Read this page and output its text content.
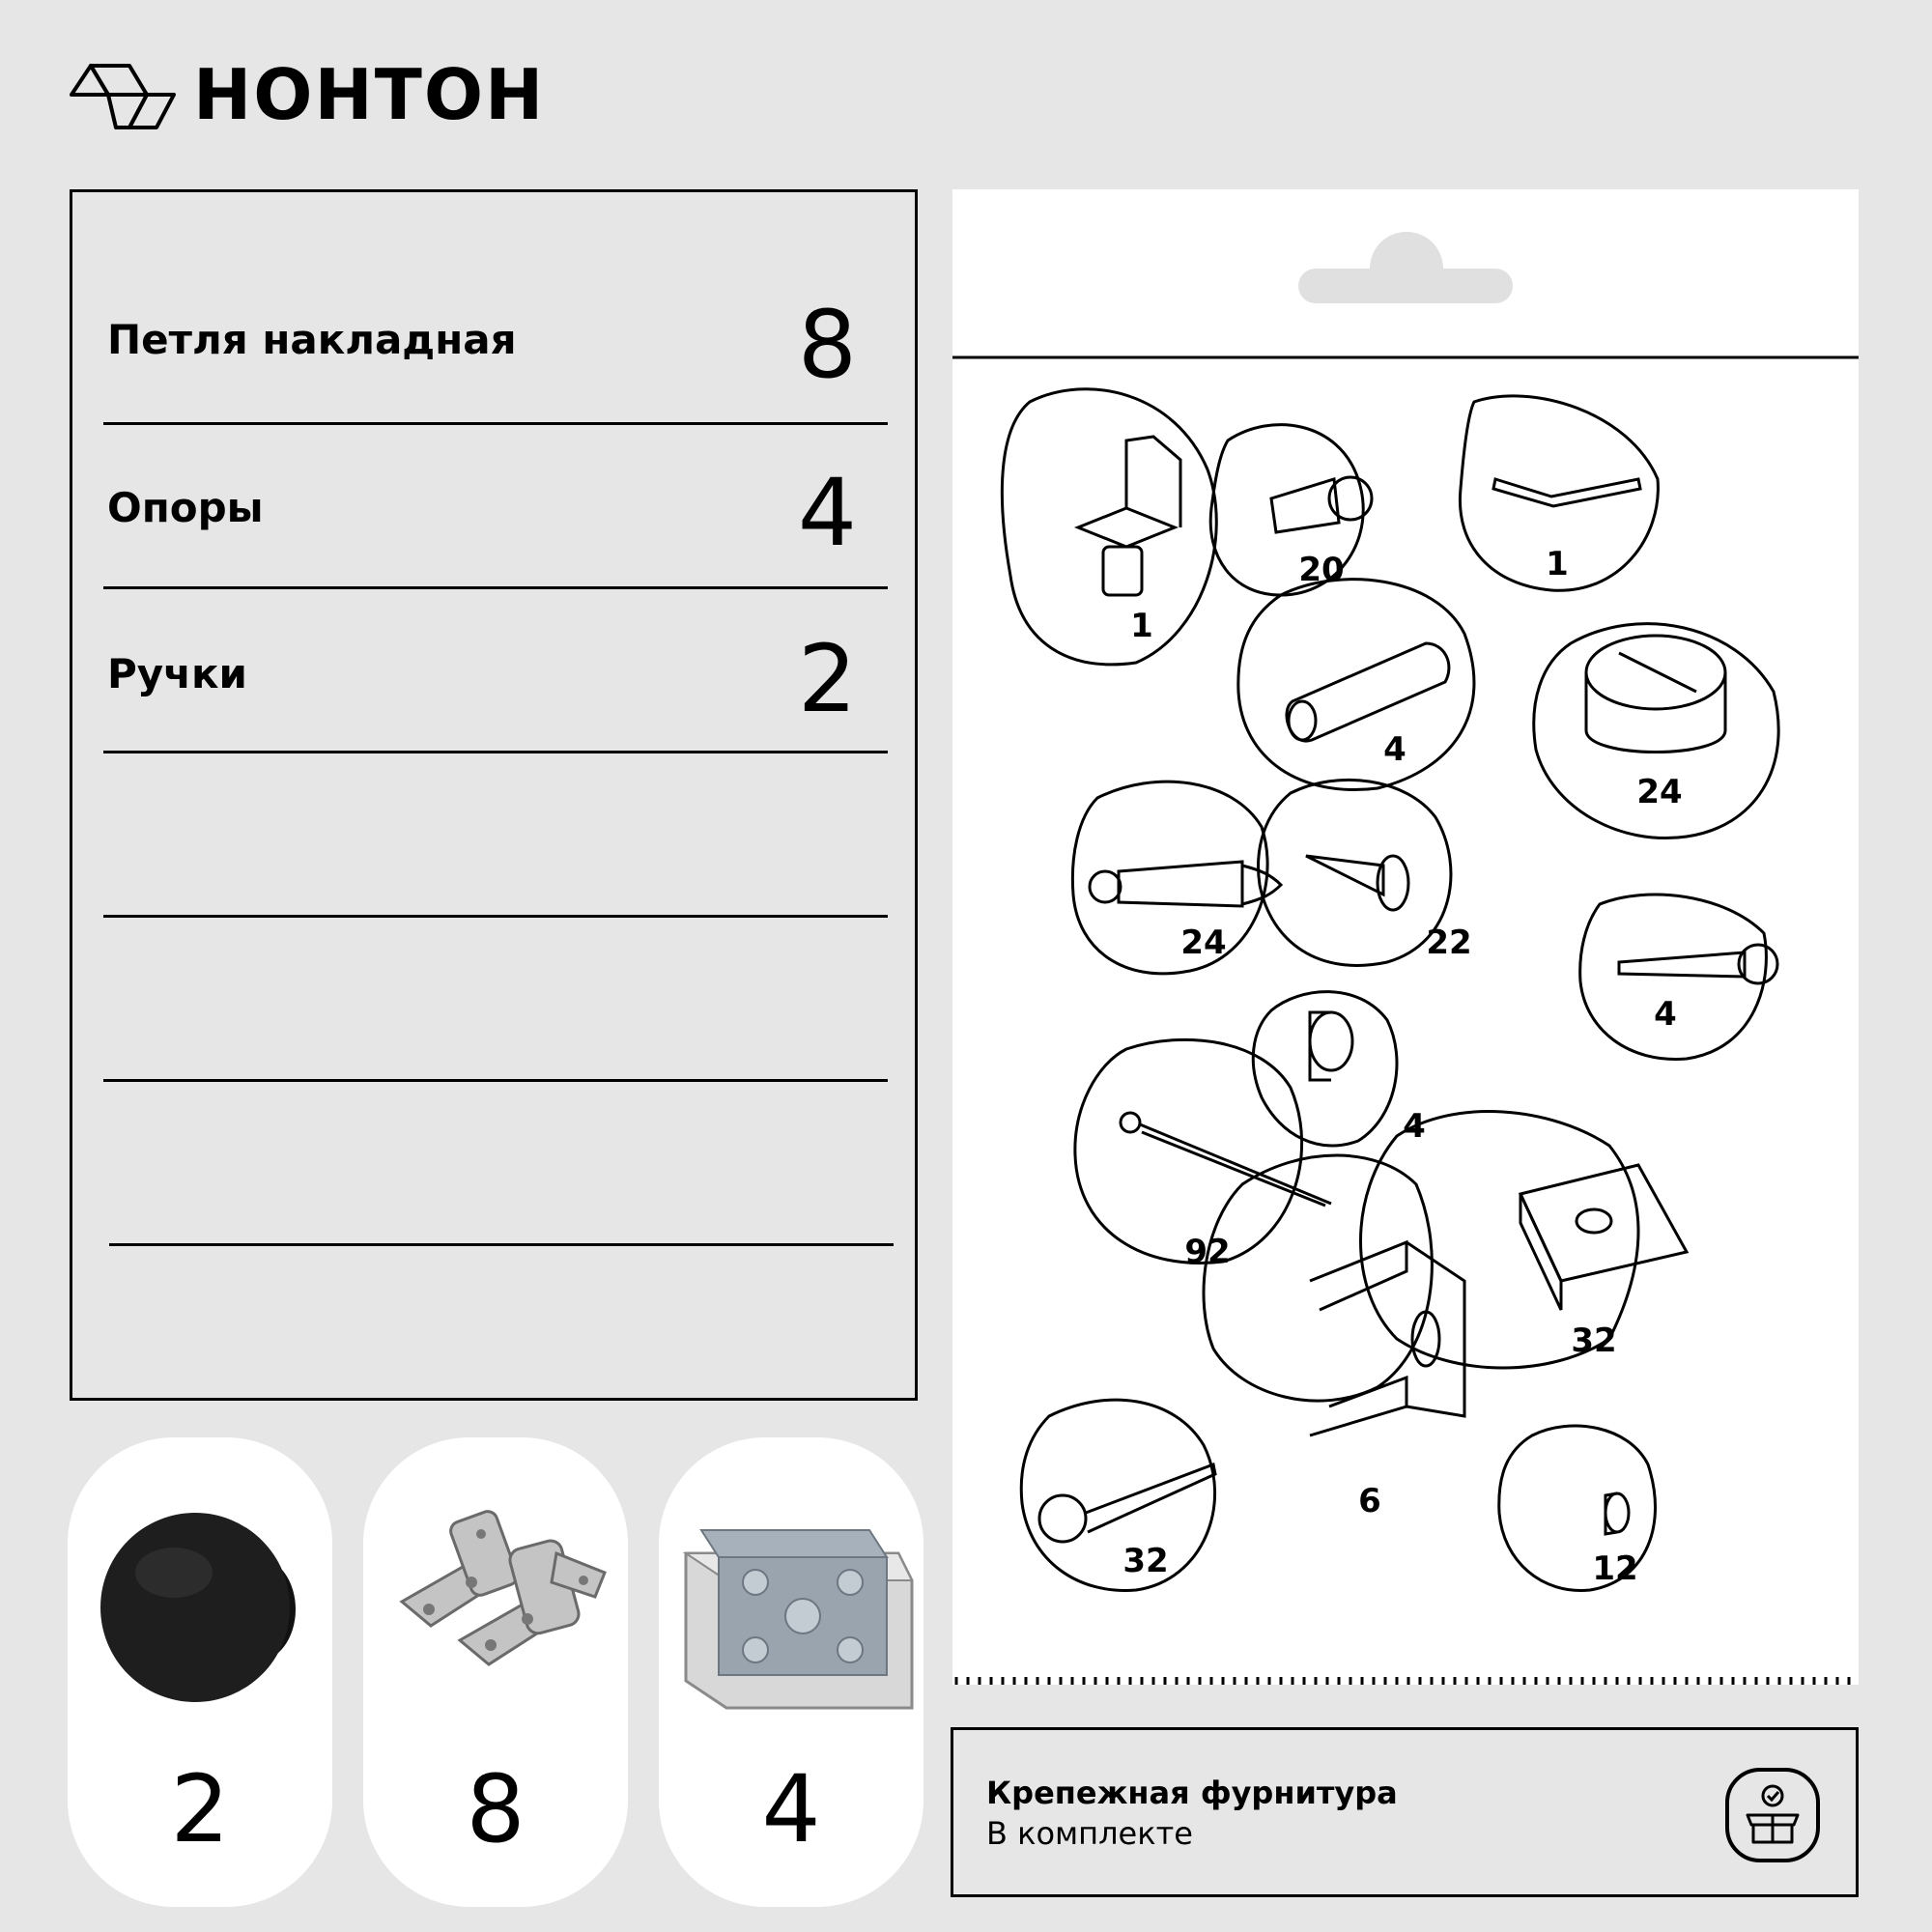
НОНТОН
Петля накладная	8
Опоры	4
Ручки	2
2	8	4
1
20	1
4
24
24	22
4
4
92
32
6
32	12
Крепежная фурнитура
В комплекте
